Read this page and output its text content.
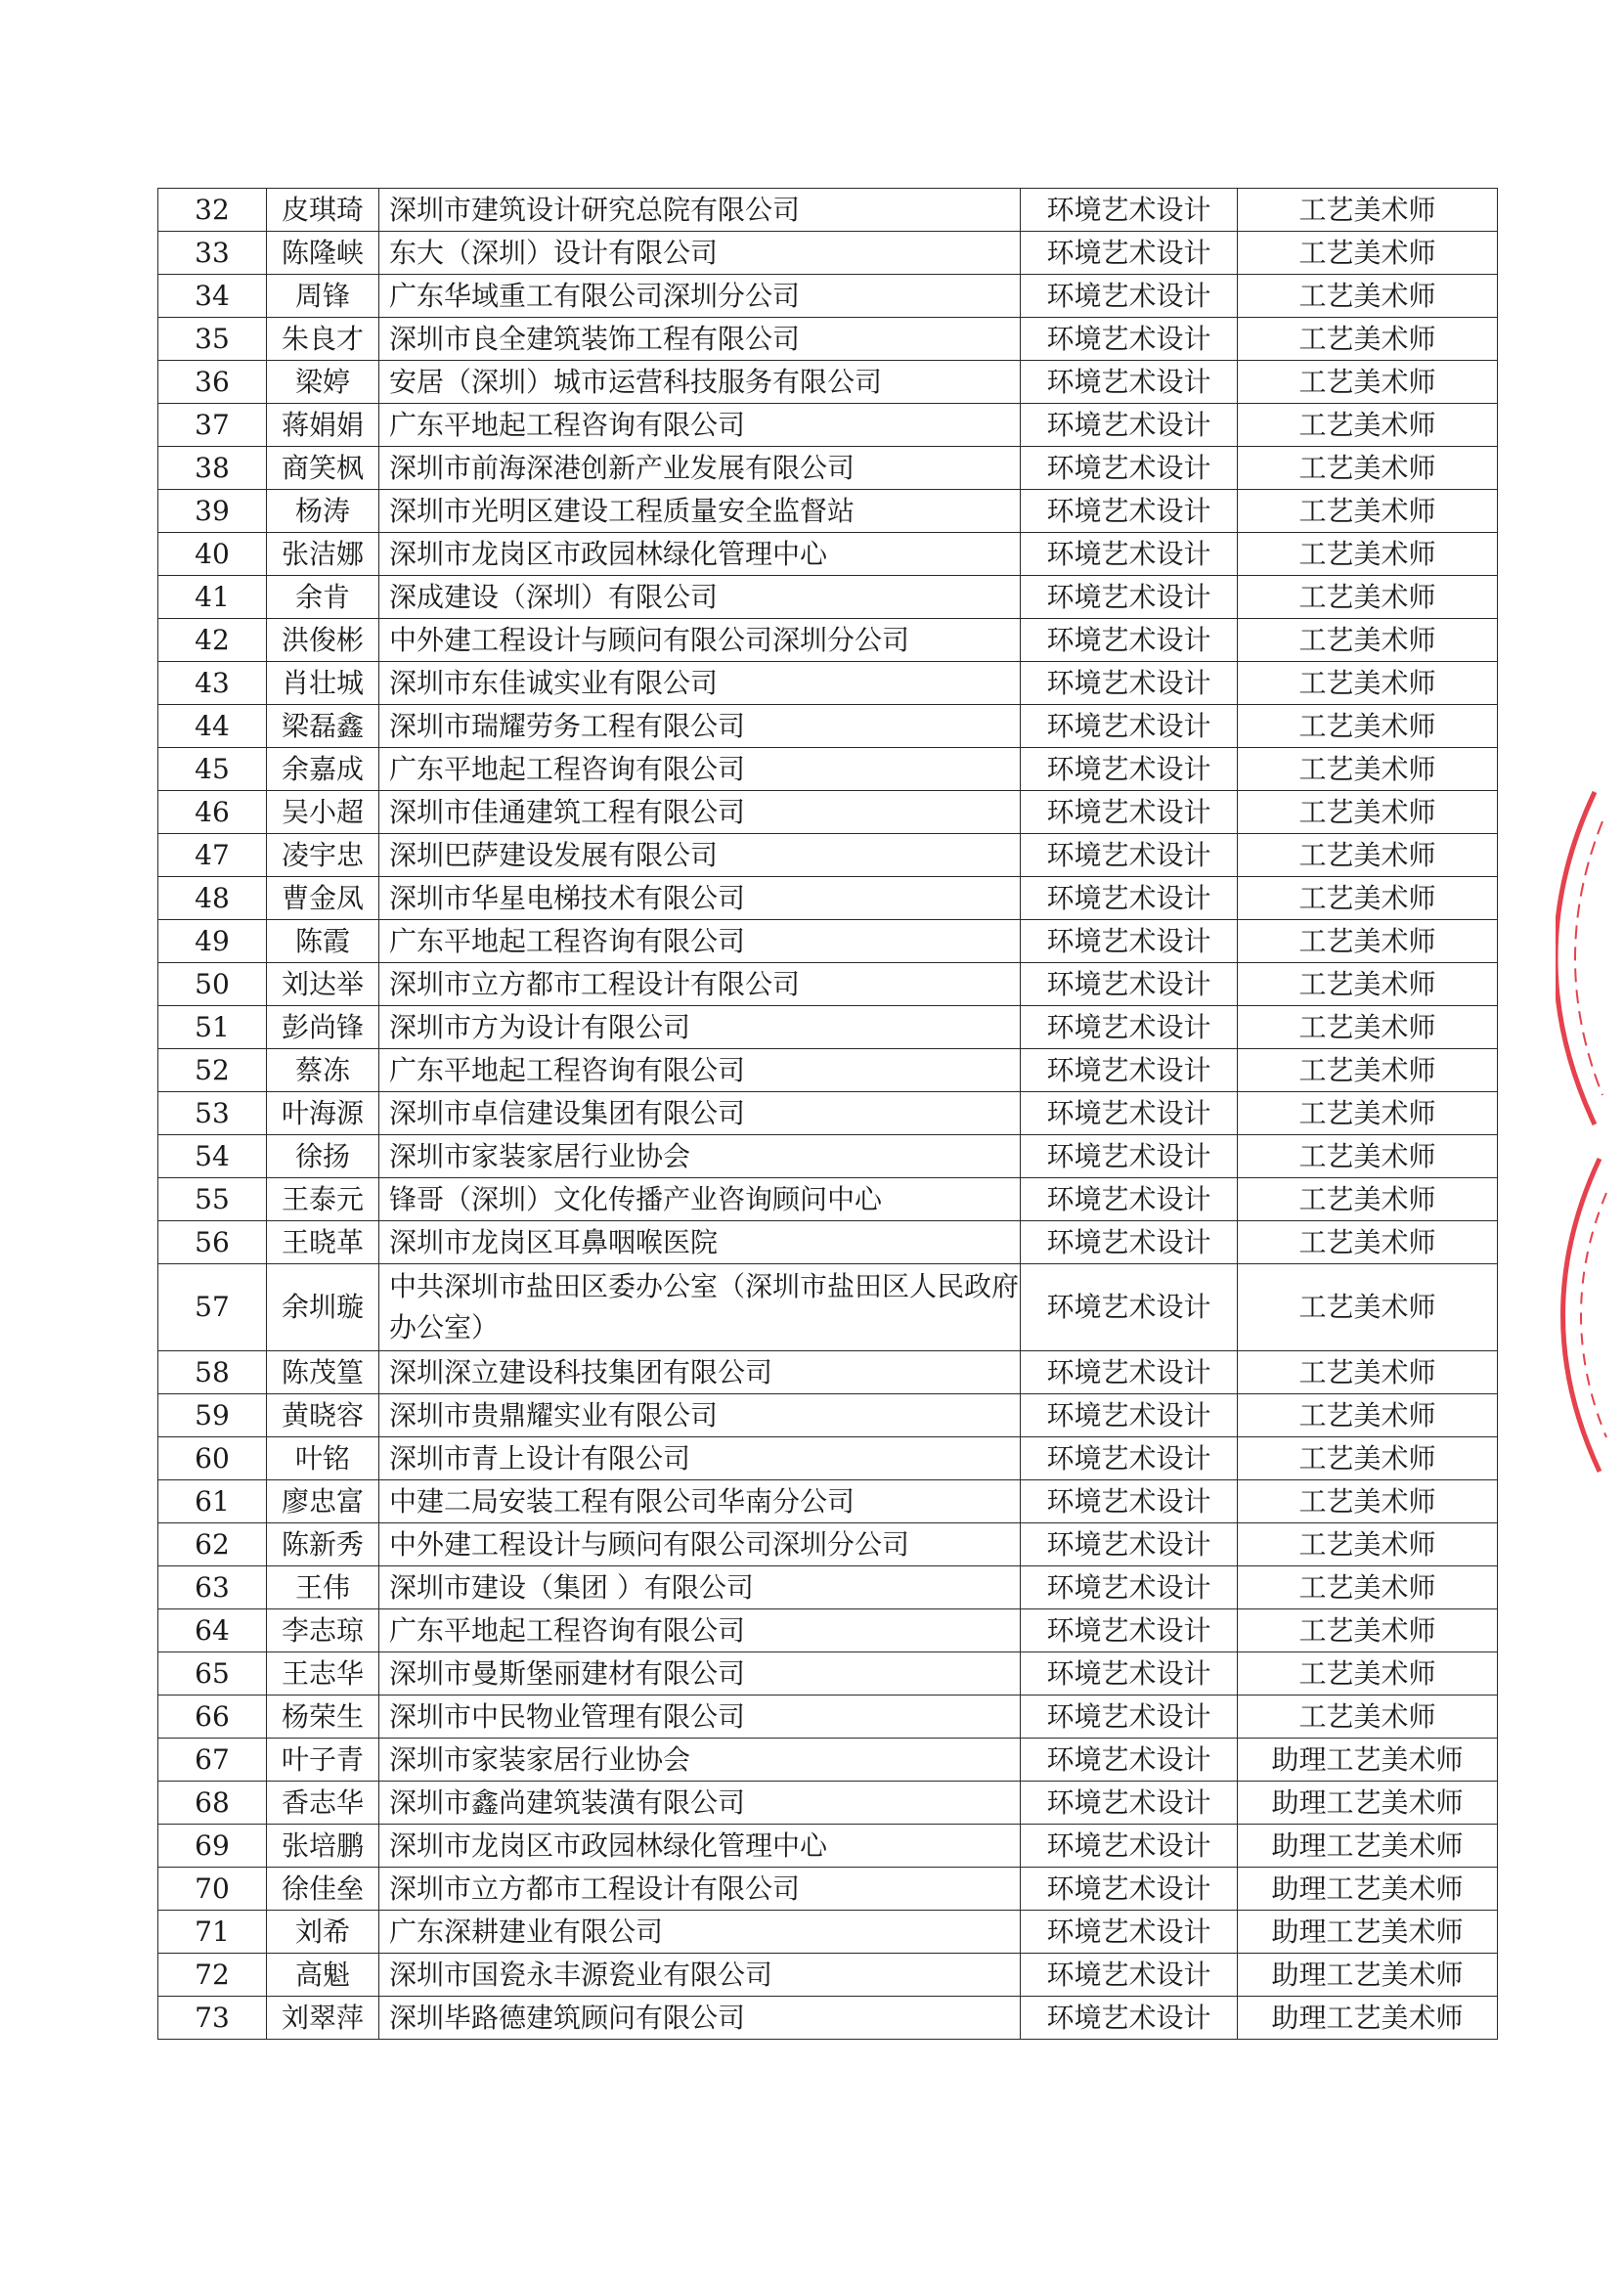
32	皮琪琦	深圳市建筑设计研究总院有限公司	环境艺术设计	工艺美术师
33	陈隆峡	东大（深圳）设计有限公司	环境艺术设计	工艺美术师
34	周锋	广东华域重工有限公司深圳分公司	环境艺术设计	工艺美术师
35	朱良才	深圳市良全建筑装饰工程有限公司	环境艺术设计	工艺美术师
36	梁婷	安居（深圳）城市运营科技服务有限公司	环境艺术设计	工艺美术师
37	蒋娟娟	广东平地起工程咨询有限公司	环境艺术设计	工艺美术师
38	商笑枫	深圳市前海深港创新产业发展有限公司	环境艺术设计	工艺美术师
39	杨涛	深圳市光明区建设工程质量安全监督站	环境艺术设计	工艺美术师
40	张洁娜	深圳市龙岗区市政园林绿化管理中心	环境艺术设计	工艺美术师
41	余肯	深成建设（深圳）有限公司	环境艺术设计	工艺美术师
42	洪俊彬	中外建工程设计与顾问有限公司深圳分公司	环境艺术设计	工艺美术师
43	肖壮城	深圳市东佳诚实业有限公司	环境艺术设计	工艺美术师
44	梁磊鑫	深圳市瑞耀劳务工程有限公司	环境艺术设计	工艺美术师
45	余嘉成	广东平地起工程咨询有限公司	环境艺术设计	工艺美术师
46	吴小超	深圳市佳通建筑工程有限公司	环境艺术设计	工艺美术师
47	凌宇忠	深圳巴萨建设发展有限公司	环境艺术设计	工艺美术师
48	曹金凤	深圳市华星电梯技术有限公司	环境艺术设计	工艺美术师
49	陈霞	广东平地起工程咨询有限公司	环境艺术设计	工艺美术师
50	刘达举	深圳市立方都市工程设计有限公司	环境艺术设计	工艺美术师
51	彭尚锋	深圳市方为设计有限公司	环境艺术设计	工艺美术师
52	蔡冻	广东平地起工程咨询有限公司	环境艺术设计	工艺美术师
53	叶海源	深圳市卓信建设集团有限公司	环境艺术设计	工艺美术师
54	徐扬	深圳市家装家居行业协会	环境艺术设计	工艺美术师
55	王泰元	锋哥（深圳）文化传播产业咨询顾问中心	环境艺术设计	工艺美术师
56	王晓革	深圳市龙岗区耳鼻咽喉医院	环境艺术设计	工艺美术师
57	余圳璇	中共深圳市盐田区委办公室（深圳市盐田区人民政府办公室）	环境艺术设计	工艺美术师
58	陈茂篁	深圳深立建设科技集团有限公司	环境艺术设计	工艺美术师
59	黄晓容	深圳市贵鼎耀实业有限公司	环境艺术设计	工艺美术师
60	叶铭	深圳市青上设计有限公司	环境艺术设计	工艺美术师
61	廖忠富	中建二局安装工程有限公司华南分公司	环境艺术设计	工艺美术师
62	陈新秀	中外建工程设计与顾问有限公司深圳分公司	环境艺术设计	工艺美术师
63	王伟	深圳市建设（集团 ）有限公司	环境艺术设计	工艺美术师
64	李志琼	广东平地起工程咨询有限公司	环境艺术设计	工艺美术师
65	王志华	深圳市曼斯堡丽建材有限公司	环境艺术设计	工艺美术师
66	杨荣生	深圳市中民物业管理有限公司	环境艺术设计	工艺美术师
67	叶子青	深圳市家装家居行业协会	环境艺术设计	助理工艺美术师
68	香志华	深圳市鑫尚建筑装潢有限公司	环境艺术设计	助理工艺美术师
69	张培鹏	深圳市龙岗区市政园林绿化管理中心	环境艺术设计	助理工艺美术师
70	徐佳垒	深圳市立方都市工程设计有限公司	环境艺术设计	助理工艺美术师
71	刘希	广东深耕建业有限公司	环境艺术设计	助理工艺美术师
72	高魁	深圳市国瓷永丰源瓷业有限公司	环境艺术设计	助理工艺美术师
73	刘翠萍	深圳毕路德建筑顾问有限公司	环境艺术设计	助理工艺美术师
